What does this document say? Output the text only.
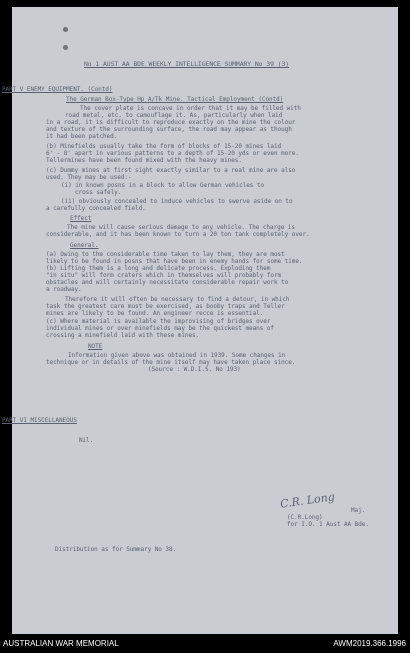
No 1 AUST AA BDE WEEKLY INTELLIGENCE SUMMARY No 39 (3)
PART V ENEMY EQUIPMENT. (Contd)
The German Box-Type Hp A/Tk Mine. Tactical Employment (Contd)
The cover plate is concave in order that it may be filled with
road metal, etc. to camouflage it. As, particularly when laid
in a road, it is difficult to reproduce exactly on the mine the colour
and texture of the surrounding surface, the road may appear as though
it had been patched.
(b) Minefields usually take the form of blocks of 15-20 mines laid
6' - 8' apart in various patterns to a depth of 15-20 yds or even more.
Tellermines have been found mixed with the heavy mines.
(c) Dummy mines at first sight exactly similar to a real mine are also
used. They may be used:-
(i) in known posns in a block to allow German vehicles to
cross safely.
(ii) obviously concealed to induce vehicles to swerve aside on to
a carefully concealed field.
Effect
The mine will cause serious damage to any vehicle. The charge is
considerable, and it has been known to turn a 20 ton tank completely over.
General.
(a) Owing to the considerable time taken to lay them, they are most
likely to be found in posns that have been in enemy hands for some time.
(b) Lifting them is a long and delicate process. Exploding them
"in situ" will form craters which in themselves will probably form
obstacles and will certainly necessitate considerable repair work to
a roadway.
Therefore it will often be necessary to find a detour, in which
task the greatest care must be exercised, as booby traps and Teller
mines are likely to be found. An engineer recce is essential.
(c) Where material is available the improvising of bridges over
individual mines or over minefields may be the quickest means of
crossing a minefield laid with these mines.
NOTE
Information given above was obtained in 1939. Some changes in
technique or in details of the mine itself may have taken place since.
(Source : W.D.I.S. No 193)
PART VI MISCELLANEOUS
Nil.
C.R. Long	Maj.
(C.R.Long)
for I.O. 1 Aust AA Bde.
Distribution as for Summary No 38.
AUSTRALIAN WAR MEMORIAL	AWM2019.366.1996
